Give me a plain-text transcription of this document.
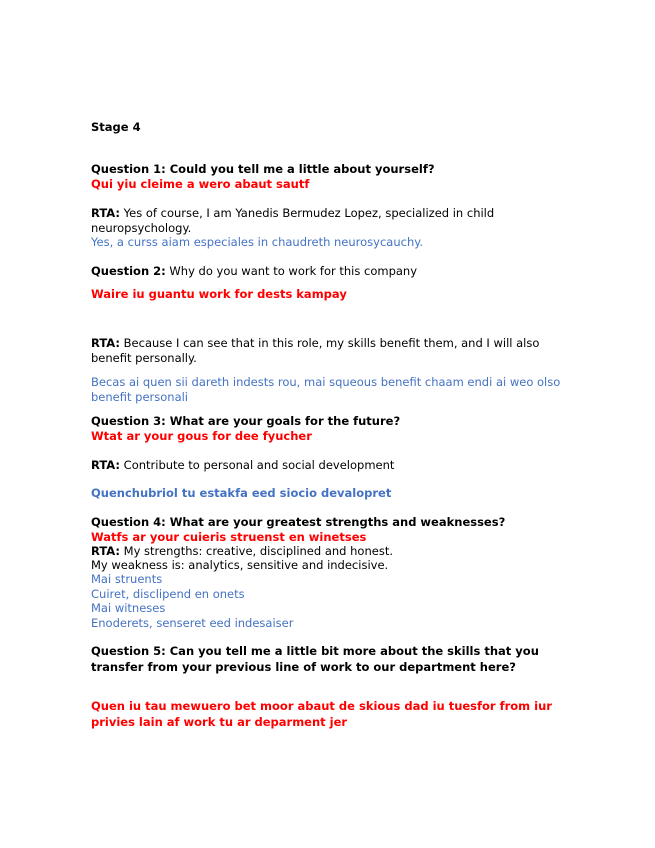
Stage 4
Question 1: Could you tell me a little about yourself?
Qui yiu cleime a wero abaut sautf
RTA: Yes of course, I am Yanedis Bermudez Lopez, specialized in child neuropsychology.
Yes, a curss aiam especiales in chaudreth neurosycauchy.
Question 2: Why do you want to work for this company
Waire iu guantu work for dests kampay
RTA: Because I can see that in this role, my skills benefit them, and I will also benefit personally.
Becas ai quen sii dareth indests rou, mai squeous benefit chaam endi ai weo olso benefit personali
Question 3: What are your goals for the future?
Wtat ar your gous for dee fyucher
RTA: Contribute to personal and social development
Quenchubriol tu estakfa eed siocio devalopret
Question 4: What are your greatest strengths and weaknesses?
Watfs ar your cuieris struenst en winetses
RTA: My strengths: creative, disciplined and honest.
My weakness is: analytics, sensitive and indecisive.
Mai struents
Cuiret, disclipend en onets
Mai witneses
Enoderets, senseret eed indesaiser
Question 5: Can you tell me a little bit more about the skills that you transfer from your previous line of work to our department here?
Quen iu tau mewuero bet moor abaut de skious dad iu tuesfor from iur privies lain af work tu ar deparment jer
